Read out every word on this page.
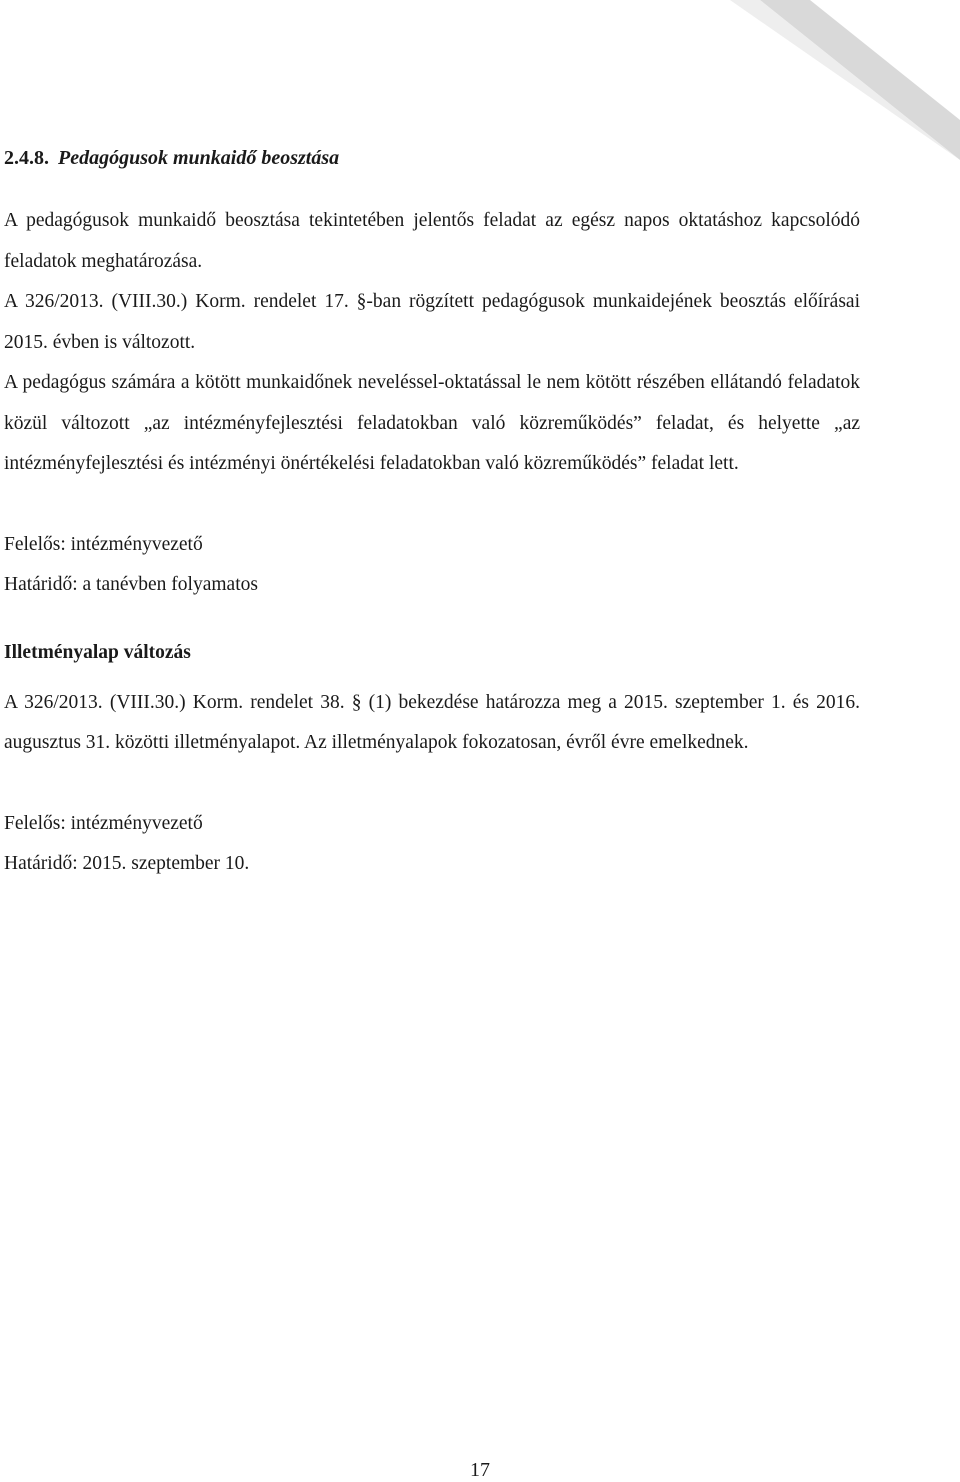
2.4.8. Pedagógusok munkaidő beosztása

A pedagógusok munkaidő beosztása tekintetében jelentős feladat az egész napos oktatáshoz kapcsolódó feladatok meghatározása.

A 326/2013. (VIII.30.) Korm. rendelet 17. §-ban rögzített pedagógusok munkaidejének beosztás előírásai 2015. évben is változott.

A pedagógus számára a kötött munkaidőnek neveléssel-oktatással le nem kötött részében ellátandó feladatok közül változott „az intézményfejlesztési feladatokban való közreműködés” feladat, és helyette „az intézményfejlesztési és intézményi önértékelési feladatokban való közreműködés” feladat lett.

Felelős: intézményvezető

Határidő: a tanévben folyamatos

Illetményalap változás

A 326/2013. (VIII.30.) Korm. rendelet 38. § (1) bekezdése határozza meg a 2015. szeptember 1. és 2016. augusztus 31. közötti illetményalapot. Az illetményalapok fokozatosan, évről évre emelkednek.

Felelős: intézményvezető

Határidő: 2015. szeptember 10.

17
